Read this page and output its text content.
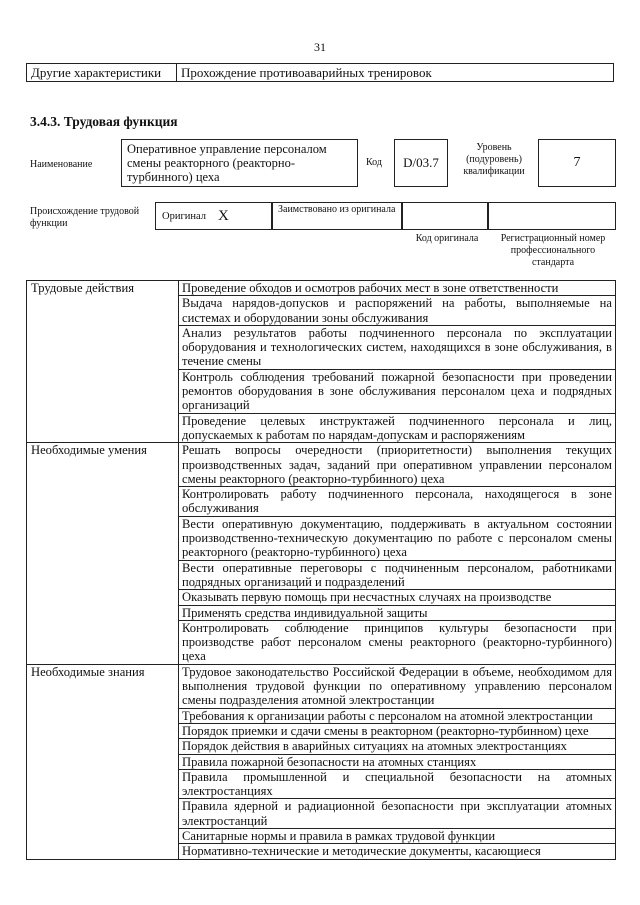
31
Другие характеристики	Прохождение противоаварийных тренировок
3.4.3. Трудовая функция
Наименование
Оперативное управление персоналом смены реакторного (реакторно-турбинного) цеха
Код	D/03.7
Уровень (подуровень) квалификации
7
Происхождение трудовой функции
Оригинал X	Заимствовано из оригинала
Код оригинала	Регистрационный номер профессионального стандарта
Трудовые действия	Проведение обходов и осмотров рабочих мест в зоне ответственности
	Выдача нарядов-допусков и распоряжений на работы, выполняемые на системах и оборудовании зоны обслуживания
	Анализ результатов работы подчиненного персонала по эксплуатации оборудования и технологических систем, находящихся в зоне обслуживания, в течение смены
	Контроль соблюдения требований пожарной безопасности при проведении ремонтов оборудования в зоне обслуживания персоналом цеха и подрядных организаций
	Проведение целевых инструктажей подчиненного персонала и лиц, допускаемых к работам по нарядам-допускам и распоряжениям
Необходимые умения	Решать вопросы очередности (приоритетности) выполнения текущих производственных задач, заданий при оперативном управлении персоналом смены реакторного (реакторно-турбинного) цеха
	Контролировать работу подчиненного персонала, находящегося в зоне обслуживания
	Вести оперативную документацию, поддерживать в актуальном состоянии производственно-техническую документацию по работе с персоналом смены реакторного (реакторно-турбинного) цеха
	Вести оперативные переговоры с подчиненным персоналом, работниками подрядных организаций и подразделений
	Оказывать первую помощь при несчастных случаях на производстве
	Применять средства индивидуальной защиты
	Контролировать соблюдение принципов культуры безопасности при производстве работ персоналом смены реакторного (реакторно-турбинного) цеха
Необходимые знания	Трудовое законодательство Российской Федерации в объеме, необходимом для выполнения трудовой функции по оперативному управлению персоналом смены подразделения атомной электростанции
	Требования к организации работы с персоналом на атомной электростанции
	Порядок приемки и сдачи смены в реакторном (реакторно-турбинном) цехе
	Порядок действия в аварийных ситуациях на атомных электростанциях
	Правила пожарной безопасности на атомных станциях
	Правила промышленной и специальной безопасности на атомных электростанциях
	Правила ядерной и радиационной безопасности при эксплуатации атомных электростанций
	Санитарные нормы и правила в рамках трудовой функции
	Нормативно-технические и методические документы, касающиеся
